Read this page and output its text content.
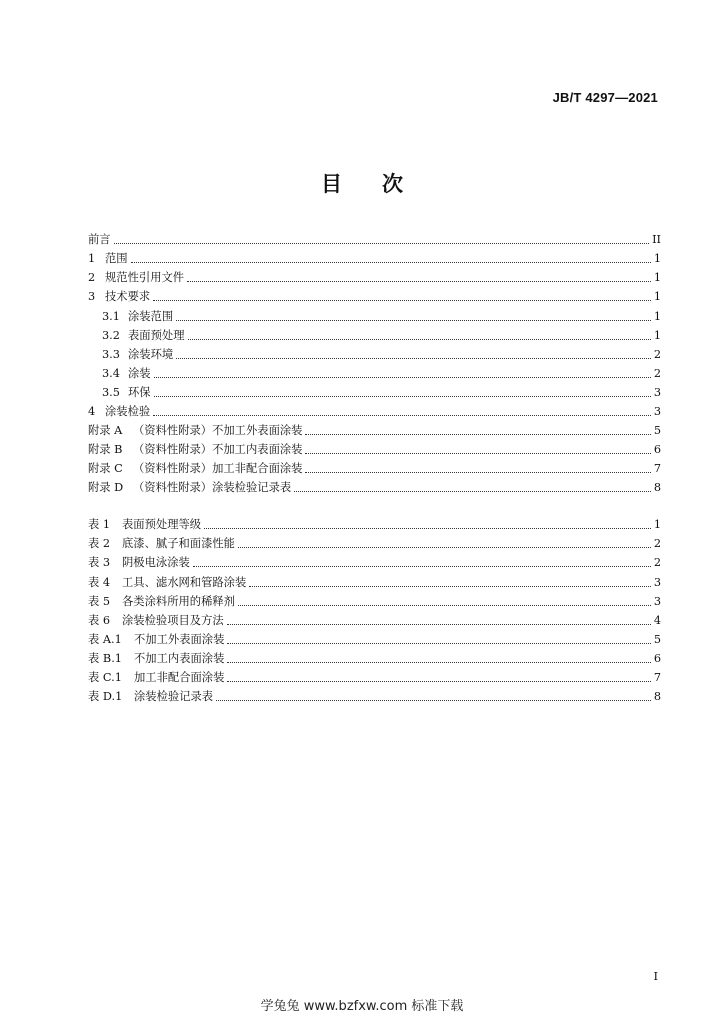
JB/T 4297—2021
目 次
前言	II
1 范围	1
2 规范性引用文件	1
3 技术要求	1
3.1 涂装范围	1
3.2 表面预处理	1
3.3 涂装环境	2
3.4 涂装	2
3.5 环保	3
4 涂装检验	3
附录 A （资料性附录）不加工外表面涂装	5
附录 B （资料性附录）不加工内表面涂装	6
附录 C （资料性附录）加工非配合面涂装	7
附录 D （资料性附录）涂装检验记录表	8
表 1	表面预处理等级	1
表 2	底漆、腻子和面漆性能	2
表 3	阴极电泳涂装	2
表 4	工具、滤水网和管路涂装	3
表 5	各类涂料所用的稀释剂	3
表 6	涂装检验项目及方法	4
表 A.1	不加工外表面涂装	5
表 B.1	不加工内表面涂装	6
表 C.1	加工非配合面涂装	7
表 D.1	涂装检验记录表	8
I
学兔兔 www.bzfxw.com 标准下载
